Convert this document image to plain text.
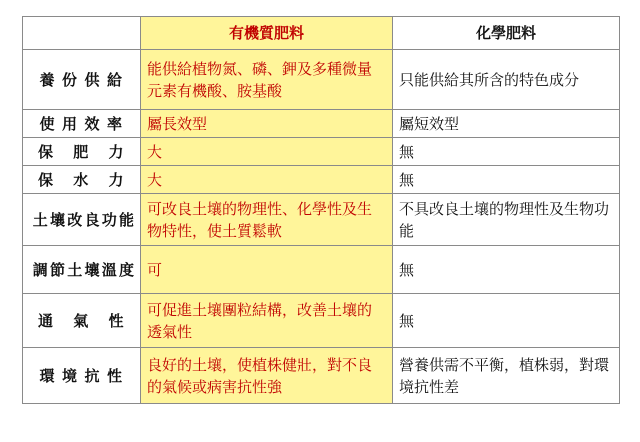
	有機質肥料	化學肥料
養份供給	能供給植物氮、磷、鉀及多種微量元素有機酸、胺基酸	只能供給其所含的特色成分
使用效率	屬長效型	屬短效型
保 肥 力	大	無
保 水 力	大	無
土壤改良功能	可改良土壤的物理性、化學性及生物特性，使土質鬆軟	不具改良土壤的物理性及生物功能
調節土壤溫度	可	無
通 氣 性	可促進土壤團粒結構，改善土壤的透氣性	無
環境抗性	良好的土壤，使植株健壯，對不良的氣候或病害抗性強	營養供需不平衡，植株弱，對環境抗性差
